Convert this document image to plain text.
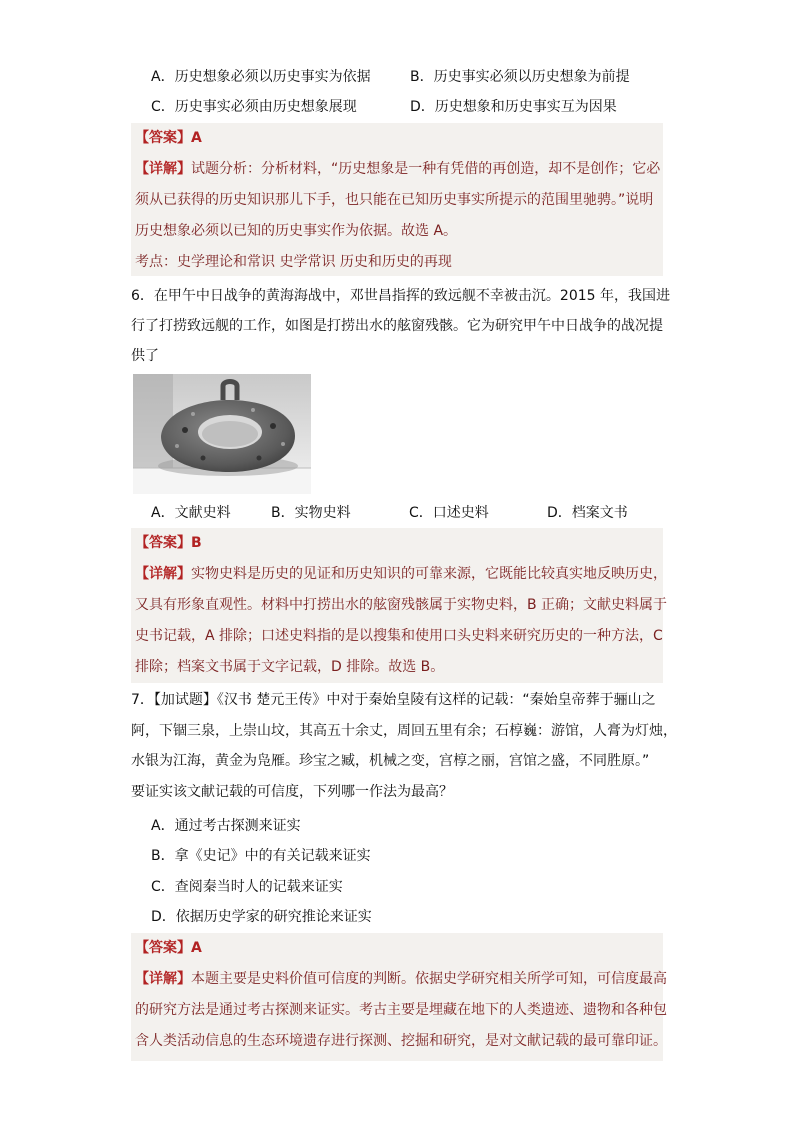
A．历史想象必须以历史事实为依据	B．历史事实必须以历史想象为前提
C．历史事实必须由历史想象展现	D．历史想象和历史事实互为因果
【答案】A
【详解】试题分析：分析材料，“历史想象是一种有凭借的再创造，却不是创作；它必
须从已获得的历史知识那儿下手，也只能在已知历史事实所提示的范围里驰骋。”说明
历史想象必须以已知的历史事实作为依据。故选 A。
考点：史学理论和常识 史学常识 历史和历史的再现
6．在甲午中日战争的黄海海战中，邓世昌指挥的致远舰不幸被击沉。2015 年，我国进
行了打捞致远舰的工作，如图是打捞出水的舷窗残骸。它为研究甲午中日战争的战况提
供了
A．文献史料	B．实物史料	C．口述史料	D．档案文书
【答案】B
【详解】实物史料是历史的见证和历史知识的可靠来源，它既能比较真实地反映历史，
又具有形象直观性。材料中打捞出水的舷窗残骸属于实物史料，B 正确；文献史料属于
史书记载，A 排除；口述史料指的是以搜集和使用口头史料来研究历史的一种方法，C
排除；档案文书属于文字记载，D 排除。故选 B。
7．【加试题】《汉书 楚元王传》中对于秦始皇陵有这样的记载：“秦始皇帝葬于骊山之
阿，下锢三泉，上崇山坟，其高五十余丈，周回五里有余；石椁巍：游馆，人膏为灯烛，
水银为江海，黄金为凫雁。珍宝之臧，机械之变，宫椁之丽，宫馆之盛，不同胜原。”
要证实该文献记载的可信度，下列哪一作法为最高？
A．通过考古探测来证实
B．拿《史记》中的有关记载来证实
C．查阅秦当时人的记载来证实
D．依据历史学家的研究推论来证实
【答案】A
【详解】本题主要是史料价值可信度的判断。依据史学研究相关所学可知，可信度最高
的研究方法是通过考古探测来证实。考古主要是埋藏在地下的人类遗迹、遗物和各种包
含人类活动信息的生态环境遗存进行探测、挖掘和研究，是对文献记载的最可靠印证。
